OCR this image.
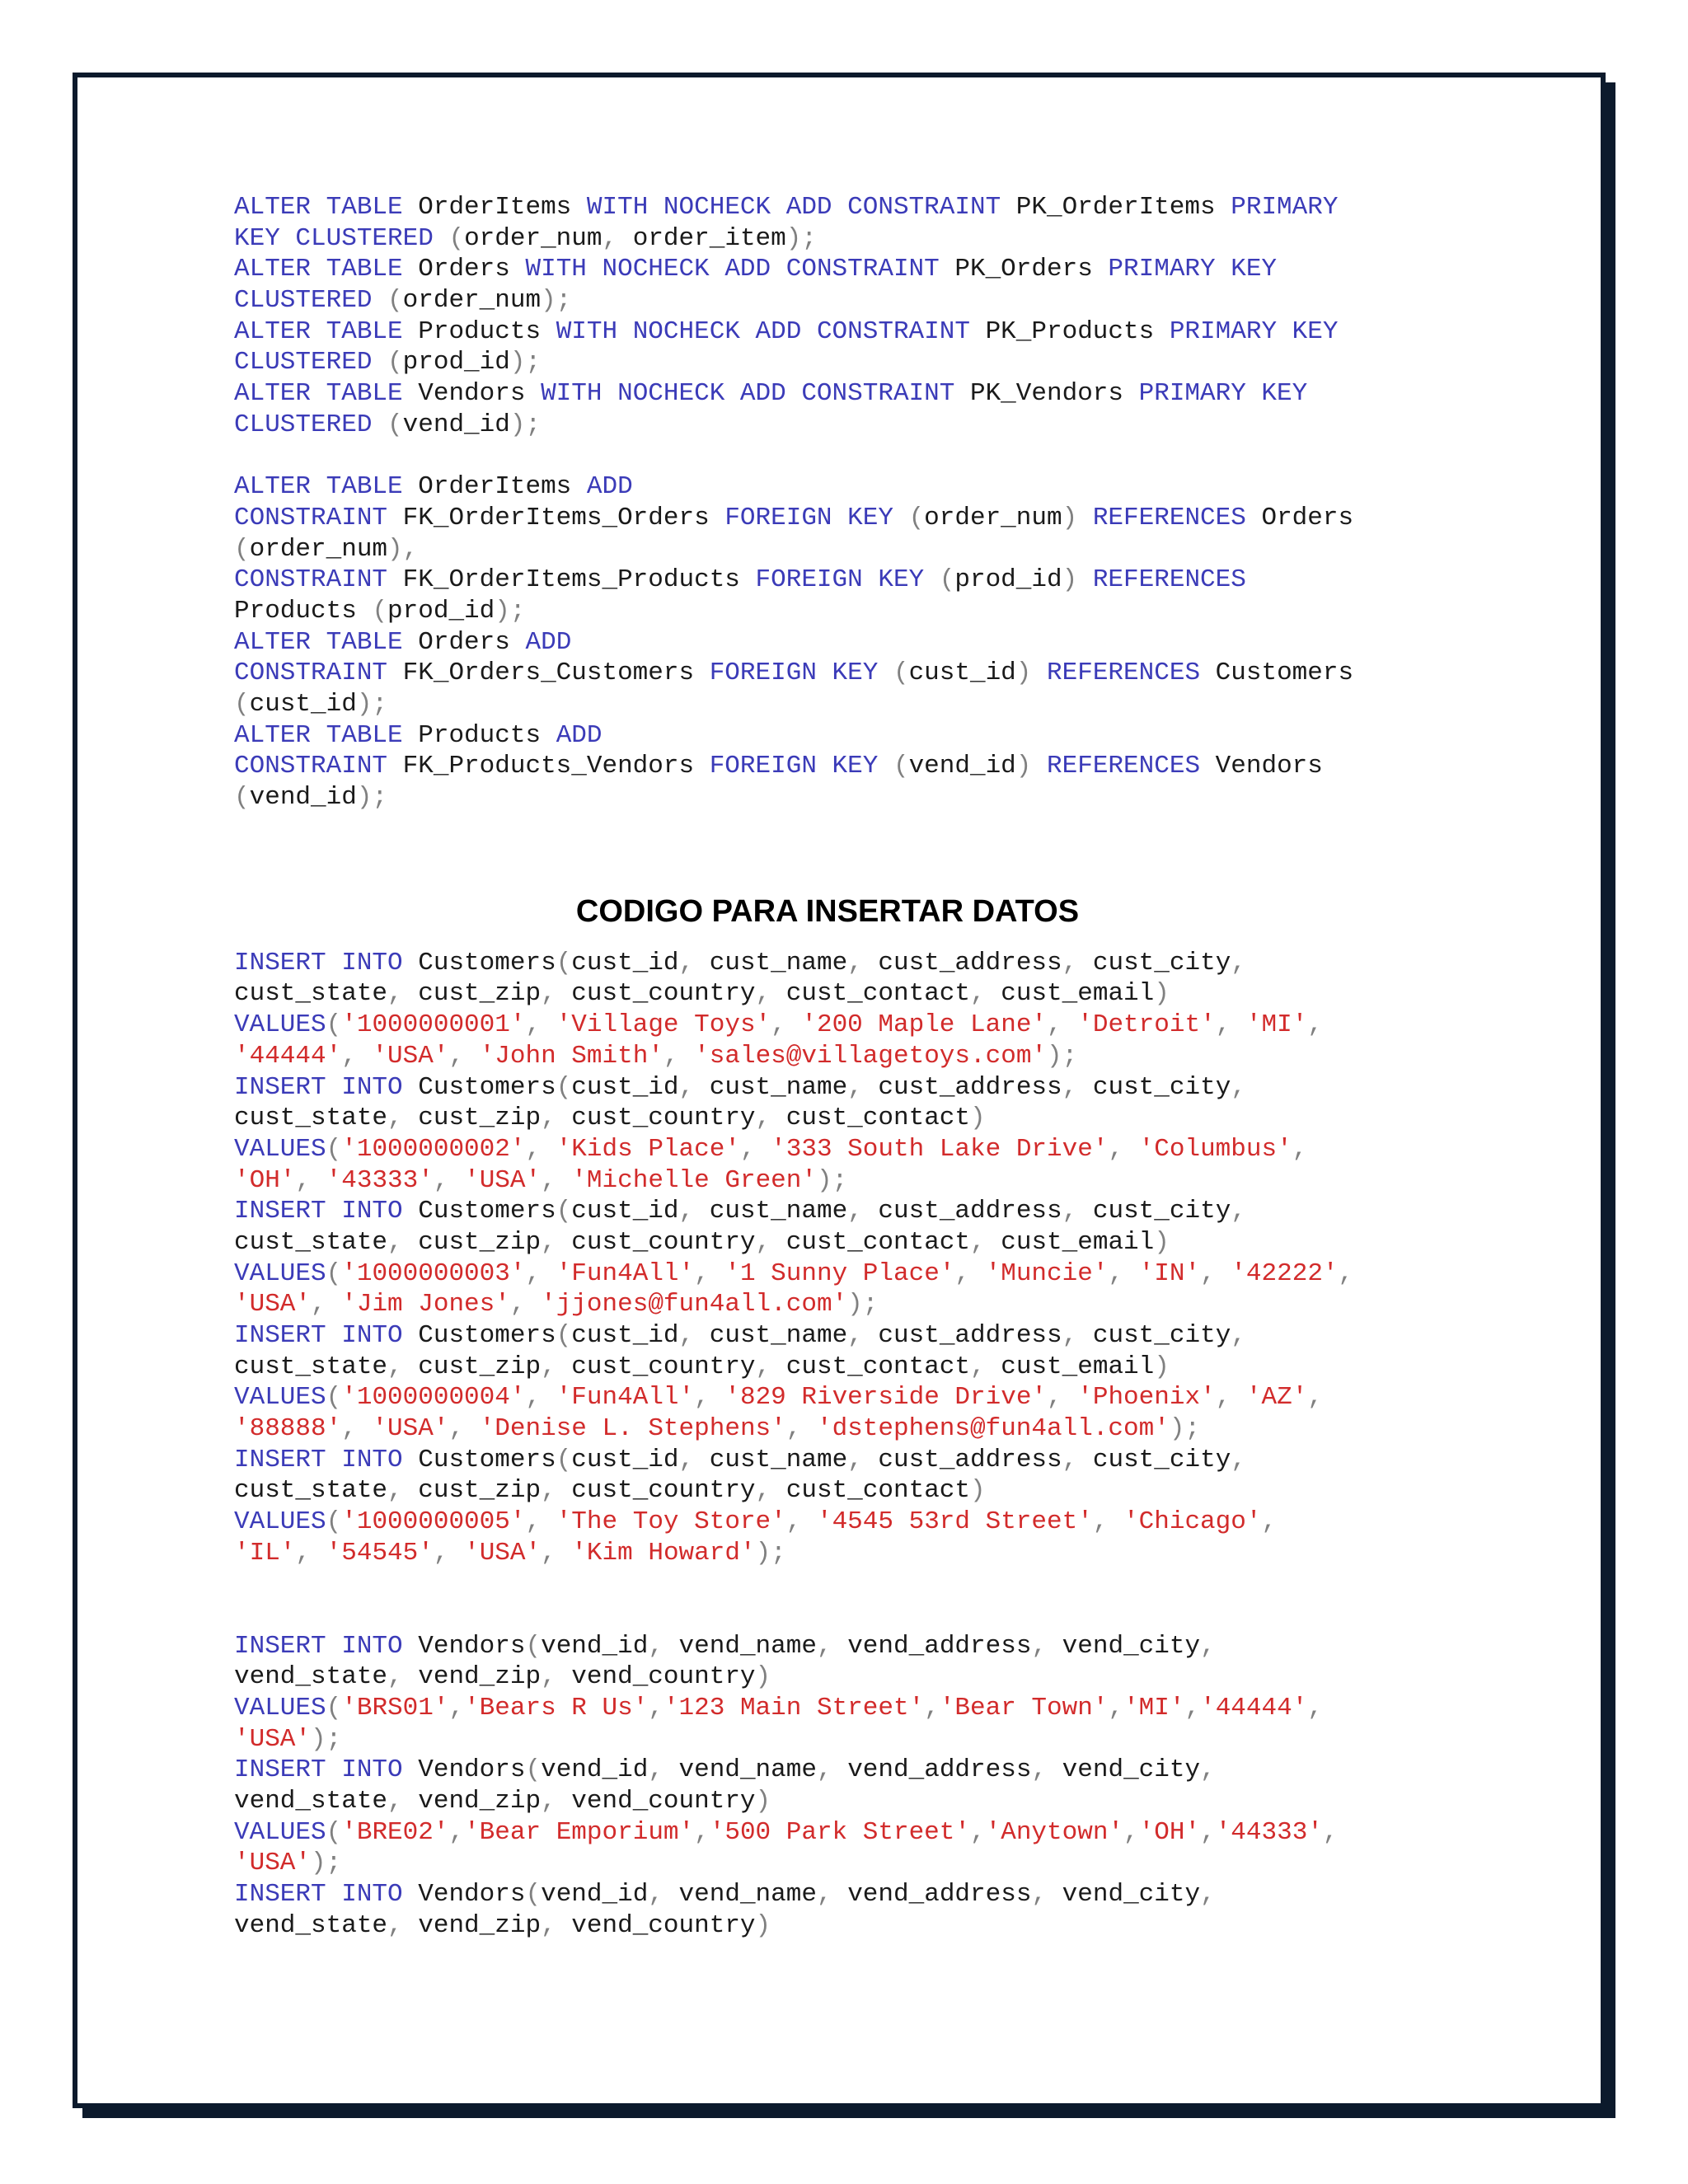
ALTER TABLE OrderItems WITH NOCHECK ADD CONSTRAINT PK_OrderItems PRIMARY
KEY CLUSTERED (order_num, order_item);
ALTER TABLE Orders WITH NOCHECK ADD CONSTRAINT PK_Orders PRIMARY KEY
CLUSTERED (order_num);
ALTER TABLE Products WITH NOCHECK ADD CONSTRAINT PK_Products PRIMARY KEY
CLUSTERED (prod_id);
ALTER TABLE Vendors WITH NOCHECK ADD CONSTRAINT PK_Vendors PRIMARY KEY
CLUSTERED (vend_id);
ALTER TABLE OrderItems ADD
CONSTRAINT FK_OrderItems_Orders FOREIGN KEY (order_num) REFERENCES Orders
(order_num),
CONSTRAINT FK_OrderItems_Products FOREIGN KEY (prod_id) REFERENCES
Products (prod_id);
ALTER TABLE Orders ADD
CONSTRAINT FK_Orders_Customers FOREIGN KEY (cust_id) REFERENCES Customers
(cust_id);
ALTER TABLE Products ADD
CONSTRAINT FK_Products_Vendors FOREIGN KEY (vend_id) REFERENCES Vendors
(vend_id);
CODIGO PARA INSERTAR DATOS
INSERT INTO Customers(cust_id, cust_name, cust_address, cust_city,
cust_state, cust_zip, cust_country, cust_contact, cust_email)
VALUES('1000000001', 'Village Toys', '200 Maple Lane', 'Detroit', 'MI',
'44444', 'USA', 'John Smith', 'sales@villagetoys.com');
INSERT INTO Customers(cust_id, cust_name, cust_address, cust_city,
cust_state, cust_zip, cust_country, cust_contact)
VALUES('1000000002', 'Kids Place', '333 South Lake Drive', 'Columbus',
'OH', '43333', 'USA', 'Michelle Green');
INSERT INTO Customers(cust_id, cust_name, cust_address, cust_city,
cust_state, cust_zip, cust_country, cust_contact, cust_email)
VALUES('1000000003', 'Fun4All', '1 Sunny Place', 'Muncie', 'IN', '42222',
'USA', 'Jim Jones', 'jjones@fun4all.com');
INSERT INTO Customers(cust_id, cust_name, cust_address, cust_city,
cust_state, cust_zip, cust_country, cust_contact, cust_email)
VALUES('1000000004', 'Fun4All', '829 Riverside Drive', 'Phoenix', 'AZ',
'88888', 'USA', 'Denise L. Stephens', 'dstephens@fun4all.com');
INSERT INTO Customers(cust_id, cust_name, cust_address, cust_city,
cust_state, cust_zip, cust_country, cust_contact)
VALUES('1000000005', 'The Toy Store', '4545 53rd Street', 'Chicago',
'IL', '54545', 'USA', 'Kim Howard');
INSERT INTO Vendors(vend_id, vend_name, vend_address, vend_city,
vend_state, vend_zip, vend_country)
VALUES('BRS01','Bears R Us','123 Main Street','Bear Town','MI','44444',
'USA');
INSERT INTO Vendors(vend_id, vend_name, vend_address, vend_city,
vend_state, vend_zip, vend_country)
VALUES('BRE02','Bear Emporium','500 Park Street','Anytown','OH','44333',
'USA');
INSERT INTO Vendors(vend_id, vend_name, vend_address, vend_city,
vend_state, vend_zip, vend_country)
